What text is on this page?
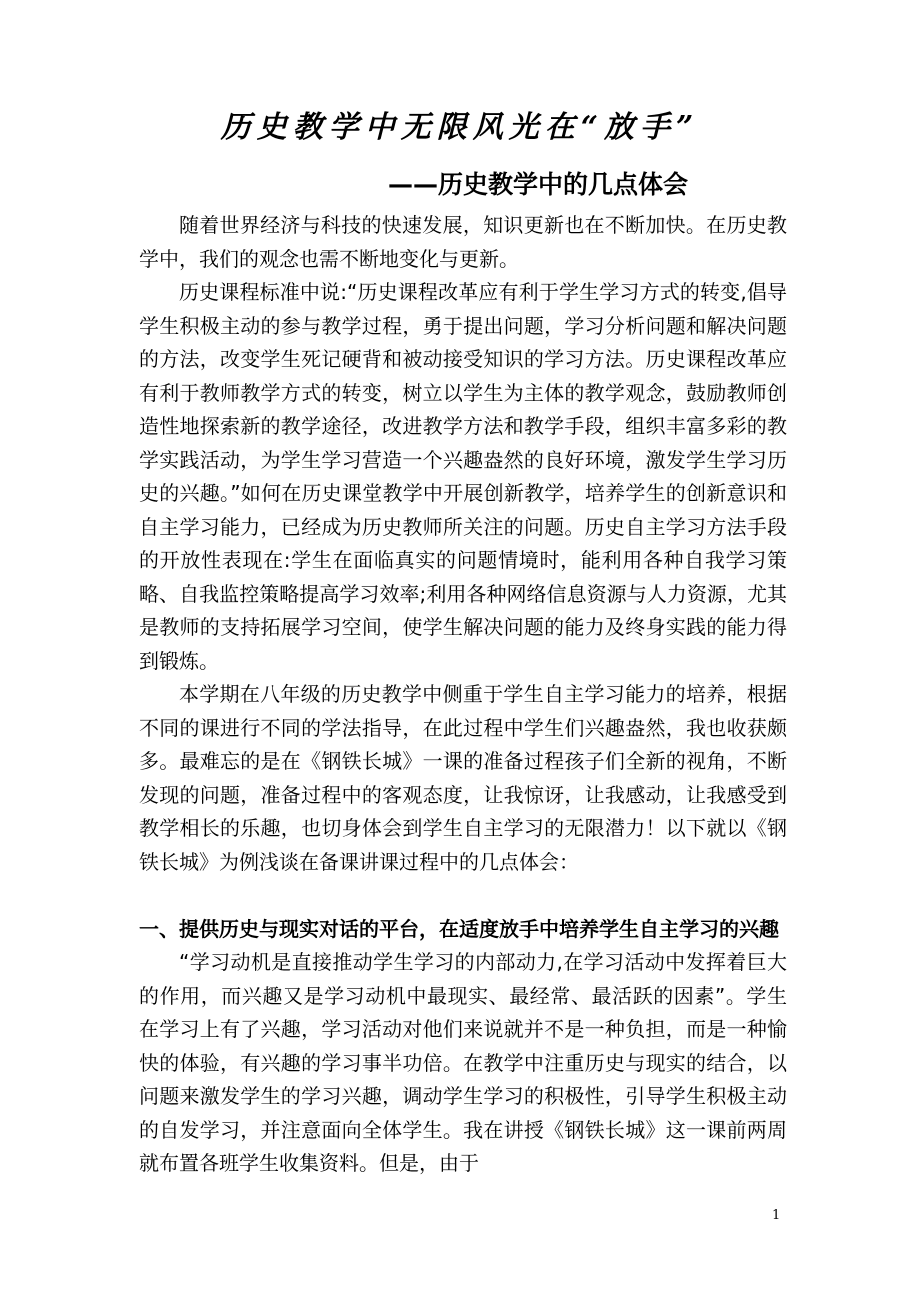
历史教学中无限风光在“放手”
——历史教学中的几点体会

随着世界经济与科技的快速发展，知识更新也在不断加快。在历史教学中，我们的观念也需不断地变化与更新。

历史课程标准中说:“历史课程改革应有利于学生学习方式的转变,倡导学生积极主动的参与教学过程，勇于提出问题，学习分析问题和解决问题的方法，改变学生死记硬背和被动接受知识的学习方法。历史课程改革应有利于教师教学方式的转变，树立以学生为主体的教学观念，鼓励教师创造性地探索新的教学途径，改进教学方法和教学手段，组织丰富多彩的教学实践活动，为学生学习营造一个兴趣盎然的良好环境，激发学生学习历史的兴趣。”如何在历史课堂教学中开展创新教学，培养学生的创新意识和自主学习能力，已经成为历史教师所关注的问题。历史自主学习方法手段的开放性表现在:学生在面临真实的问题情境时，能利用各种自我学习策略、自我监控策略提高学习效率;利用各种网络信息资源与人力资源，尤其是教师的支持拓展学习空间，使学生解决问题的能力及终身实践的能力得到锻炼。

本学期在八年级的历史教学中侧重于学生自主学习能力的培养，根据不同的课进行不同的学法指导，在此过程中学生们兴趣盎然，我也收获颇多。最难忘的是在《钢铁长城》一课的准备过程孩子们全新的视角，不断发现的问题，准备过程中的客观态度，让我惊讶，让我感动，让我感受到教学相长的乐趣，也切身体会到学生自主学习的无限潜力！以下就以《钢铁长城》为例浅谈在备课讲课过程中的几点体会：

一、提供历史与现实对话的平台，在适度放手中培养学生自主学习的兴趣

“学习动机是直接推动学生学习的内部动力,在学习活动中发挥着巨大的作用，而兴趣又是学习动机中最现实、最经常、最活跃的因素”。学生在学习上有了兴趣，学习活动对他们来说就并不是一种负担，而是一种愉快的体验，有兴趣的学习事半功倍。在教学中注重历史与现实的结合，以问题来激发学生的学习兴趣，调动学生学习的积极性，引导学生积极主动的自发学习，并注意面向全体学生。我在讲授《钢铁长城》这一课前两周就布置各班学生收集资料。但是，由于

1
